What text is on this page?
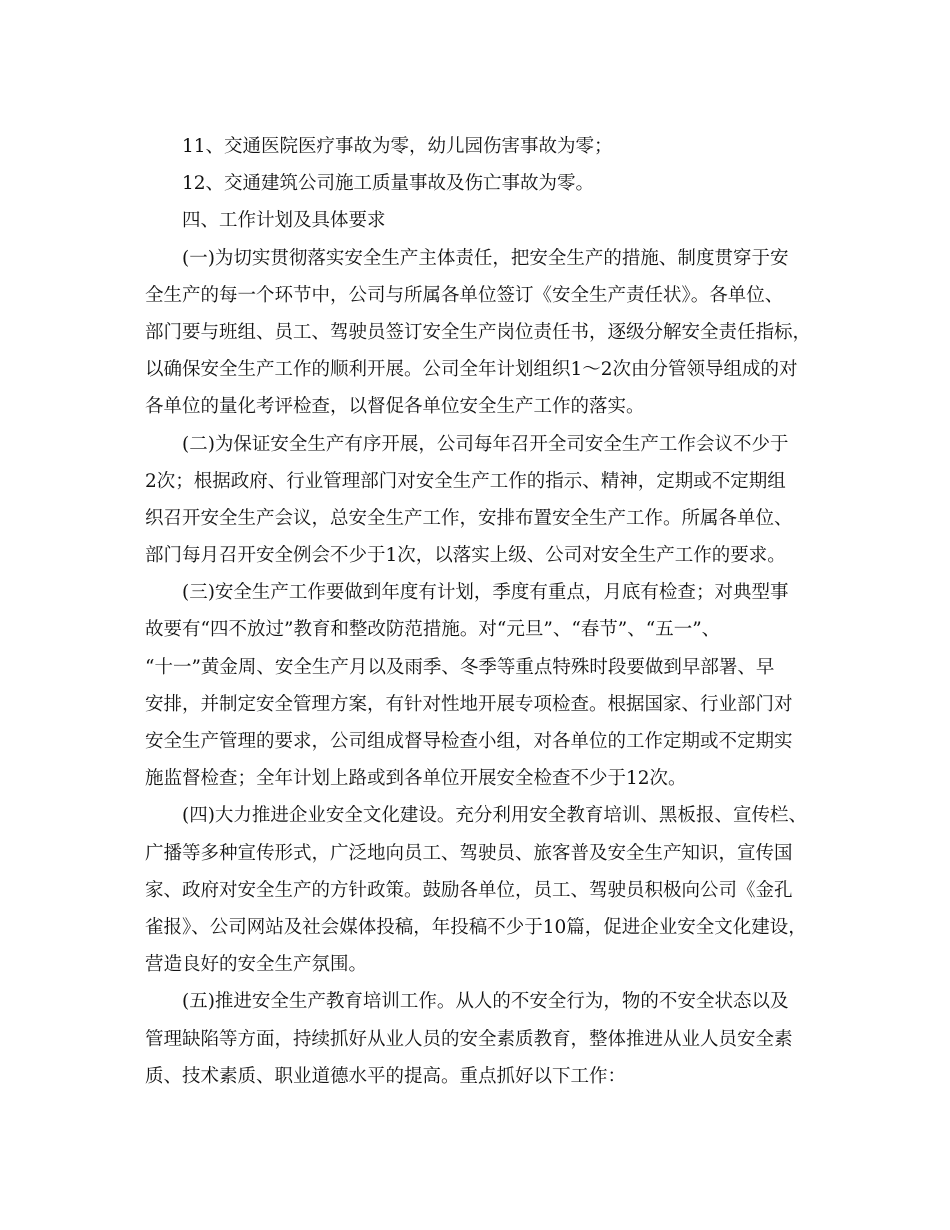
11、交通医院医疗事故为零，幼儿园伤害事故为零；
12、交通建筑公司施工质量事故及伤亡事故为零。
四、工作计划及具体要求
(一)为切实贯彻落实安全生产主体责任，把安全生产的措施、制度贯穿于安
全生产的每一个环节中，公司与所属各单位签订《安全生产责任状》。各单位、
部门要与班组、员工、驾驶员签订安全生产岗位责任书，逐级分解安全责任指标，
以确保安全生产工作的顺利开展。公司全年计划组织1～2次由分管领导组成的对
各单位的量化考评检查，以督促各单位安全生产工作的落实。
(二)为保证安全生产有序开展，公司每年召开全司安全生产工作会议不少于
2次；根据政府、行业管理部门对安全生产工作的指示、精神，定期或不定期组
织召开安全生产会议，总安全生产工作，安排布置安全生产工作。所属各单位、
部门每月召开安全例会不少于1次，以落实上级、公司对安全生产工作的要求。
(三)安全生产工作要做到年度有计划，季度有重点，月底有检查；对典型事
故要有“四不放过”教育和整改防范措施。对“元旦”、“春节”、“五一”、
“十一”黄金周、安全生产月以及雨季、冬季等重点特殊时段要做到早部署、早
安排，并制定安全管理方案，有针对性地开展专项检查。根据国家、行业部门对
安全生产管理的要求，公司组成督导检查小组，对各单位的工作定期或不定期实
施监督检查；全年计划上路或到各单位开展安全检查不少于12次。
(四)大力推进企业安全文化建设。充分利用安全教育培训、黑板报、宣传栏、
广播等多种宣传形式，广泛地向员工、驾驶员、旅客普及安全生产知识，宣传国
家、政府对安全生产的方针政策。鼓励各单位，员工、驾驶员积极向公司《金孔
雀报》、公司网站及社会媒体投稿，年投稿不少于10篇，促进企业安全文化建设，
营造良好的安全生产氛围。
(五)推进安全生产教育培训工作。从人的不安全行为，物的不安全状态以及
管理缺陷等方面，持续抓好从业人员的安全素质教育，整体推进从业人员安全素
质、技术素质、职业道德水平的提高。重点抓好以下工作：
